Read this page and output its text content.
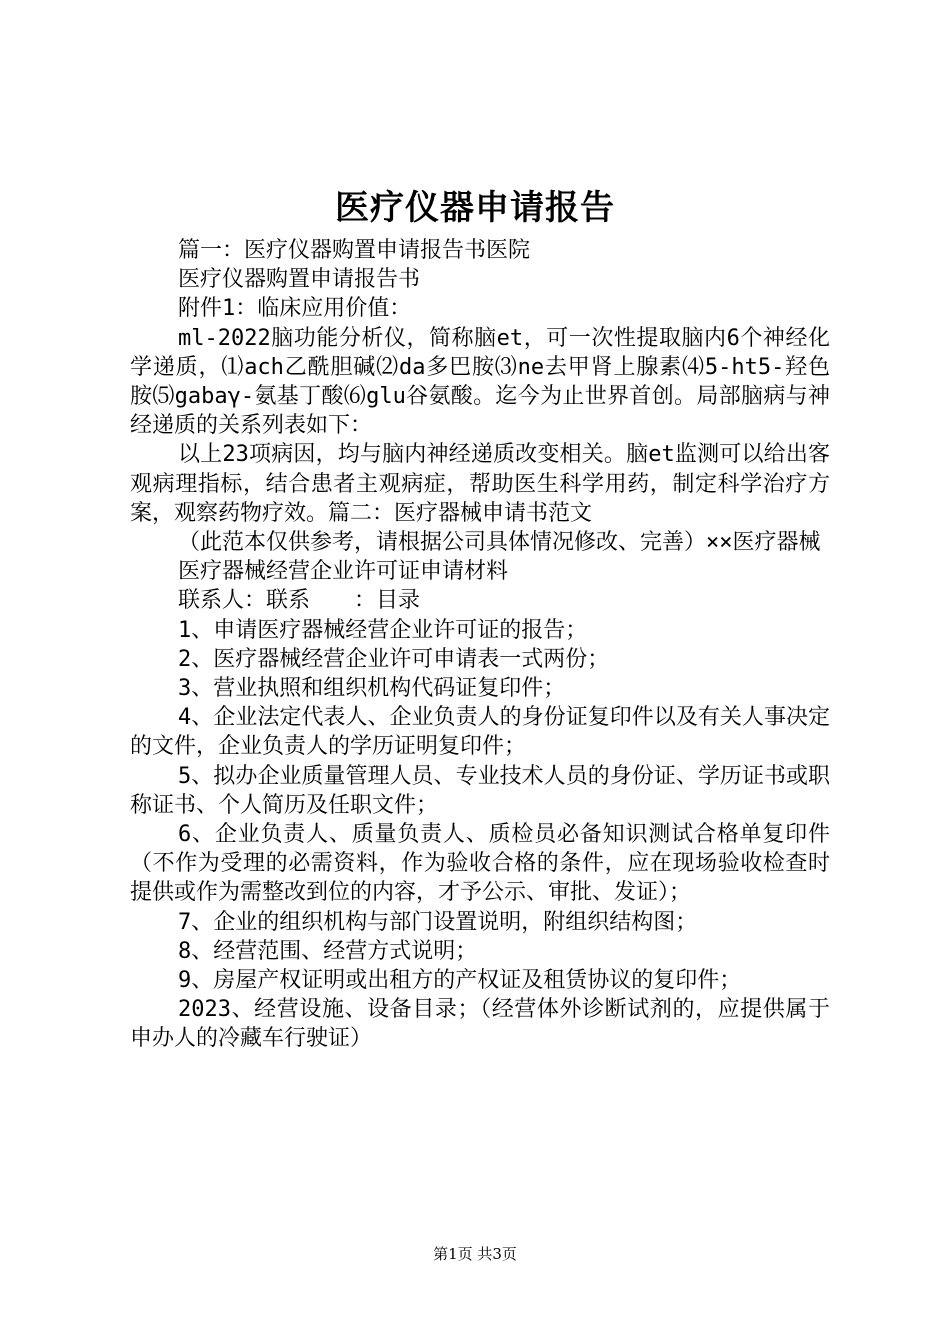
医疗仪器申请报告

篇一：医疗仪器购置申请报告书医院

医疗仪器购置申请报告书

附件1：临床应用价值：

ml-2022脑功能分析仪，简称脑et，可一次性提取脑内6个神经化学递质，⑴ach乙酰胆碱⑵da多巴胺⑶ne去甲肾上腺素⑷5-ht5-羟色胺⑸gabaγ-氨基丁酸⑹glu谷氨酸。迄今为止世界首创。局部脑病与神经递质的关系列表如下：

以上23项病因，均与脑内神经递质改变相关。脑et监测可以给出客观病理指标，结合患者主观病症，帮助医生科学用药，制定科学治疗方案，观察药物疗效。篇二：医疗器械申请书范文

（此范本仅供参考，请根据公司具体情况修改、完善）××医疗器械

医疗器械经营企业许可证申请材料

联系人：联系　　：目录

1、申请医疗器械经营企业许可证的报告；

2、医疗器械经营企业许可申请表一式两份；

3、营业执照和组织机构代码证复印件；

4、企业法定代表人、企业负责人的身份证复印件以及有关人事决定的文件，企业负责人的学历证明复印件；

5、拟办企业质量管理人员、专业技术人员的身份证、学历证书或职称证书、个人简历及任职文件；

6、企业负责人、质量负责人、质检员必备知识测试合格单复印件（不作为受理的必需资料，作为验收合格的条件，应在现场验收检查时提供或作为需整改到位的内容，才予公示、审批、发证）；

7、企业的组织机构与部门设置说明，附组织结构图；

8、经营范围、经营方式说明；

9、房屋产权证明或出租方的产权证及租赁协议的复印件；

2023、经营设施、设备目录；（经营体外诊断试剂的，应提供属于申办人的冷藏车行驶证）

第1页 共3页
